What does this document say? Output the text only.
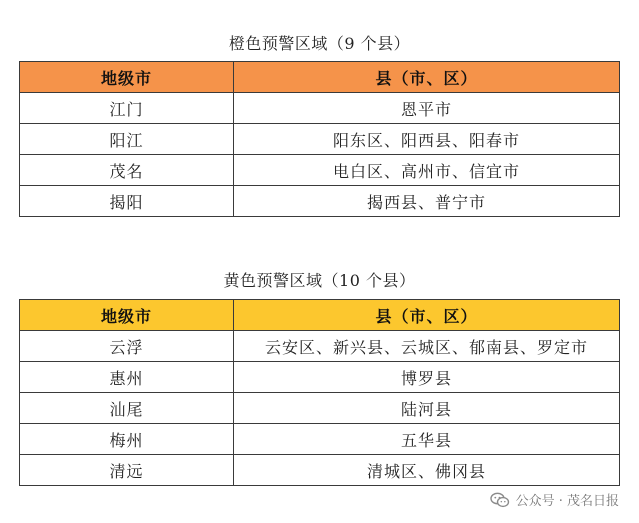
橙色预警区域（9 个县）
地级市	县（市、区）
江门	恩平市
阳江	阳东区、阳西县、阳春市
茂名	电白区、高州市、信宜市
揭阳	揭西县、普宁市
黄色预警区域（10 个县）
地级市	县（市、区）
云浮	云安区、新兴县、云城区、郁南县、罗定市
惠州	博罗县
汕尾	陆河县
梅州	五华县
清远	清城区、佛冈县
公众号 · 茂名日报
